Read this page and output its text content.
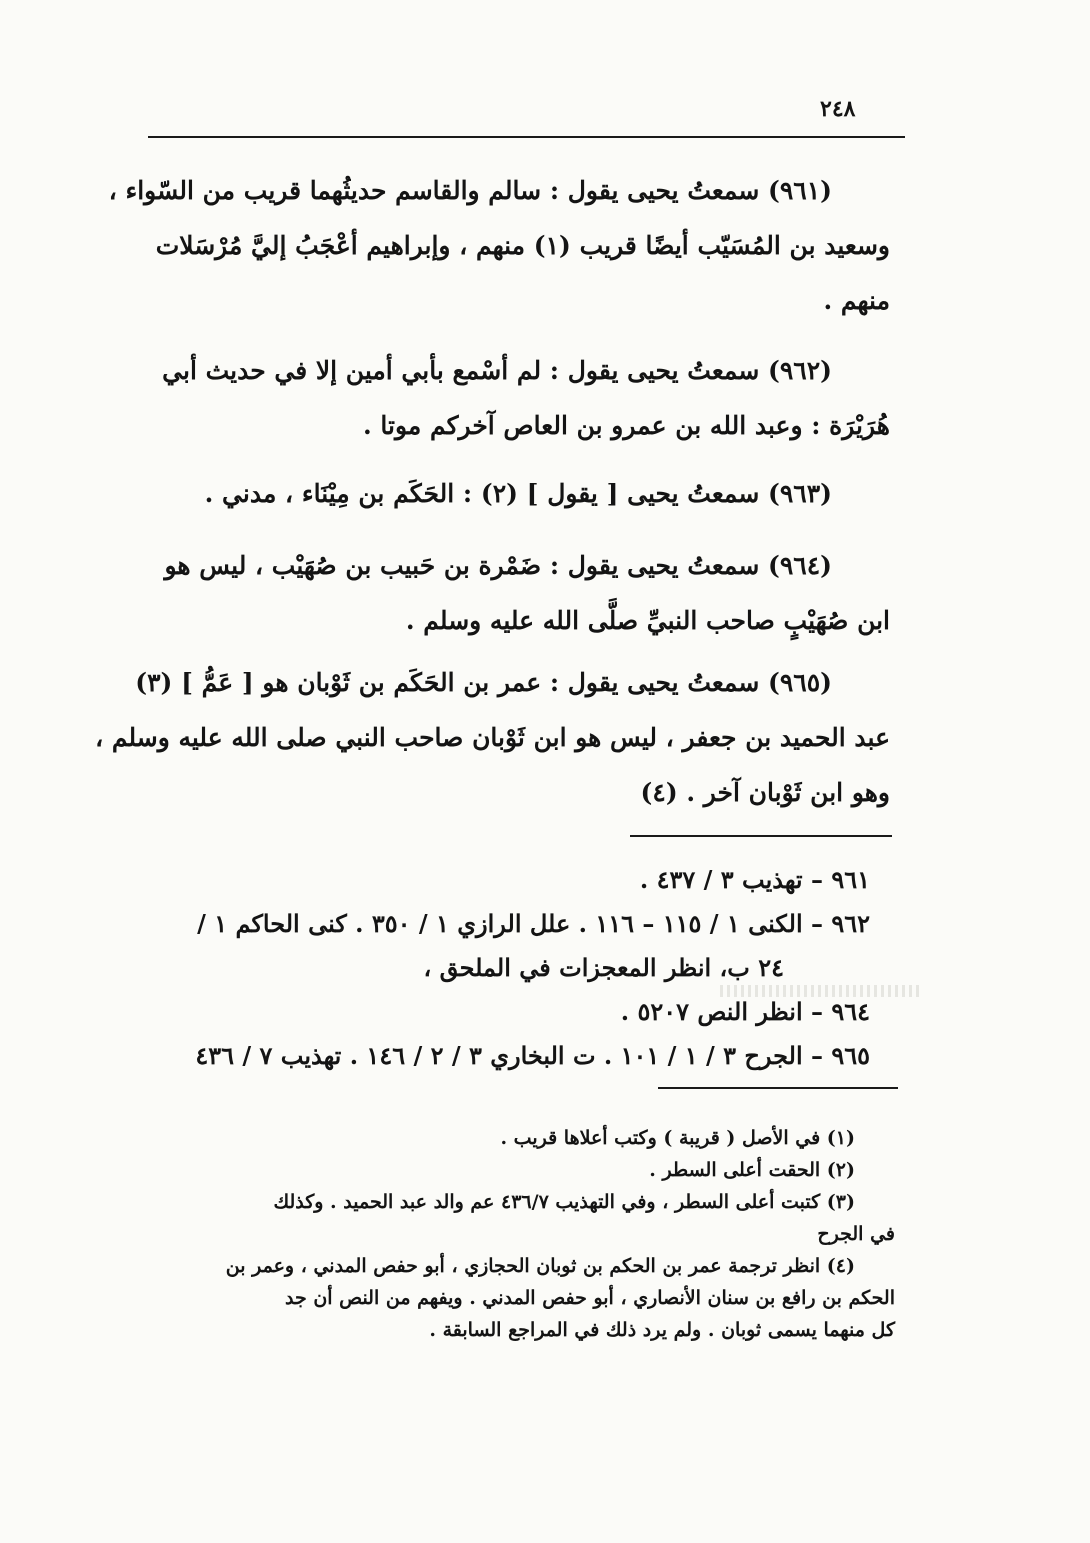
٢٤٨
(٩٦١) سمعتُ يحيى يقول : سالم والقاسم حديثُهما قريب من السّواء ،
وسعيد بن المُسَيّب أيضًا قريب (١) منهم ، وإبراهيم أعْجَبُ إليَّ مُرْسَلات
منهم .
(٩٦٢) سمعتُ يحيى يقول : لم أسْمع بأبي أمين إلا في حديث أبي
هُرَيْرَة : وعبد الله بن عمرو بن العاص آخركم موتا .
(٩٦٣) سمعتُ يحيى [ يقول ] (٢) : الحَكَم بن مِيْنَاء ، مدني .
(٩٦٤) سمعتُ يحيى يقول : ضَمْرة بن حَبيب بن صُهَيْب ، ليس هو
ابن صُهَيْبٍ صاحب النبيِّ صلَّى الله عليه وسلم .
(٩٦٥) سمعتُ يحيى يقول : عمر بن الحَكَم بن ثَوْبان هو [ عَمُّ ] (٣)
عبد الحميد بن جعفر ، ليس هو ابن ثَوْبان صاحب النبي صلى الله عليه وسلم ،
وهو ابن ثَوْبان آخر . (٤)
٩٦١ – تهذيب ٣ / ٤٣٧ .
٩٦٢ – الكنى ١ / ١١٥ – ١١٦ . علل الرازي ١ / ٣٥٠ . كنى الحاكم ١ /
٢٤ ب، انظر المعجزات في الملحق ،
٩٦٤ – انظر النص ٥٢٠٧ .
٩٦٥ – الجرح ٣ / ١ / ١٠١ . ت البخاري ٣ / ٢ / ١٤٦ . تهذيب ٧ / ٤٣٦
(١) في الأصل ( قريبة ) وكتب أعلاها قريب .
(٢) الحقت أعلى السطر .
(٣) كتبت أعلى السطر ، وفي التهذيب ٤٣٦/٧ عم والد عبد الحميد . وكذلك
في الجرح
(٤) انظر ترجمة عمر بن الحكم بن ثوبان الحجازي ، أبو حفص المدني ، وعمر بن
الحكم بن رافع بن سنان الأنصاري ، أبو حفص المدني . ويفهم من النص أن جد
كل منهما يسمى ثوبان . ولم يرد ذلك في المراجع السابقة .
